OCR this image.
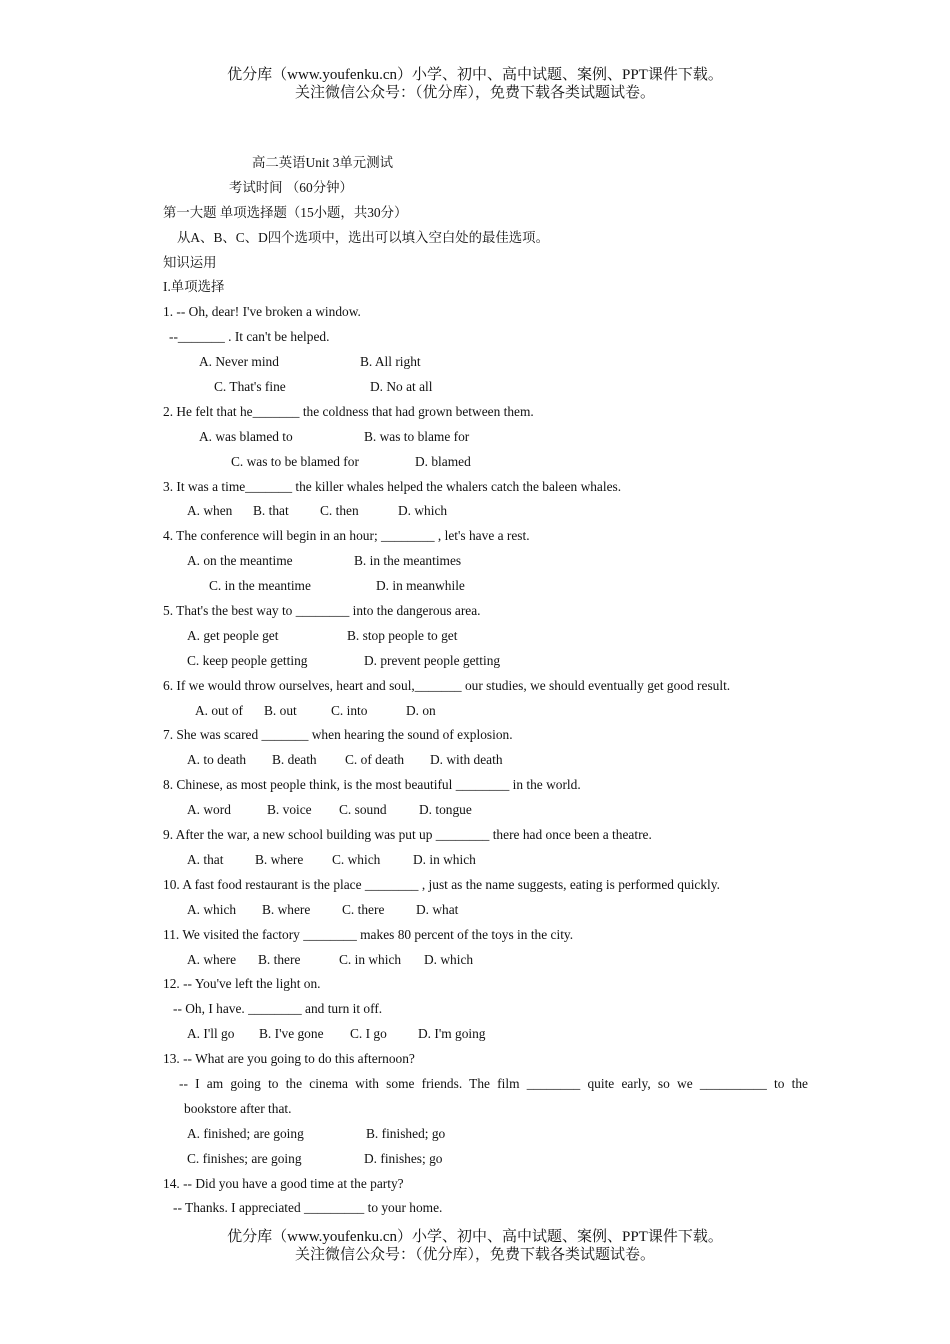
优分库（www.youfenku.cn）小学、初中、高中试题、案例、PPT课件下载。
关注微信公众号：（优分库），免费下载各类试题试卷。
高二英语Unit 3单元测试
考试时间 （60分钟）
第一大题 单项选择题（15小题，共30分）
从A、B、C、D四个选项中，选出可以填入空白处的最佳选项。
知识运用
I.单项选择
1. -- Oh, dear! I've broken a window.
--_______ . It can't be helped.
A. Never mind	B. All right
C. That's fine	D. No at all
2. He felt that he_______ the coldness that had grown between them.
A. was blamed to	B. was to blame for
C. was to be blamed for	D. blamed
3. It was a time_______ the killer whales helped the whalers catch the baleen whales.
A. when	B. that	C. then	D. which
4. The conference will begin in an hour; ________ , let's have a rest.
A. on the meantime	B. in the meantimes
C. in the meantime	D. in meanwhile
5. That's the best way to ________ into the dangerous area.
A. get people get	B. stop people to get
C. keep people getting	D. prevent people getting
6. If we would throw ourselves, heart and soul,_______ our studies, we should eventually get good result.
A. out of	B. out	C. into	D. on
7. She was scared _______ when hearing the sound of explosion.
A. to death	B. death	C. of death	D. with death
8. Chinese, as most people think, is the most beautiful ________ in the world.
A. word	B. voice	C. sound	D. tongue
9. After the war, a new school building was put up ________ there had once been a theatre.
A. that	B. where	C. which	D. in which
10. A fast food restaurant is the place ________ , just as the name suggests, eating is performed quickly.
A. which	B. where	C. there	D. what
11. We visited the factory ________ makes 80 percent of the toys in the city.
A. where	B. there	C. in which	D. which
12. -- You've left the light on.
-- Oh, I have. ________ and turn it off.
A. I'll go	B. I've gone	C. I go	D. I'm going
13. -- What are you going to do this afternoon?
-- I am going to the cinema with some friends. The film ________ quite early, so we __________ to the
bookstore after that.
A. finished; are going	B. finished; go
C. finishes; are going	D. finishes; go
14. -- Did you have a good time at the party?
-- Thanks. I appreciated _________ to your home.
优分库（www.youfenku.cn）小学、初中、高中试题、案例、PPT课件下载。
关注微信公众号：（优分库），免费下载各类试题试卷。
